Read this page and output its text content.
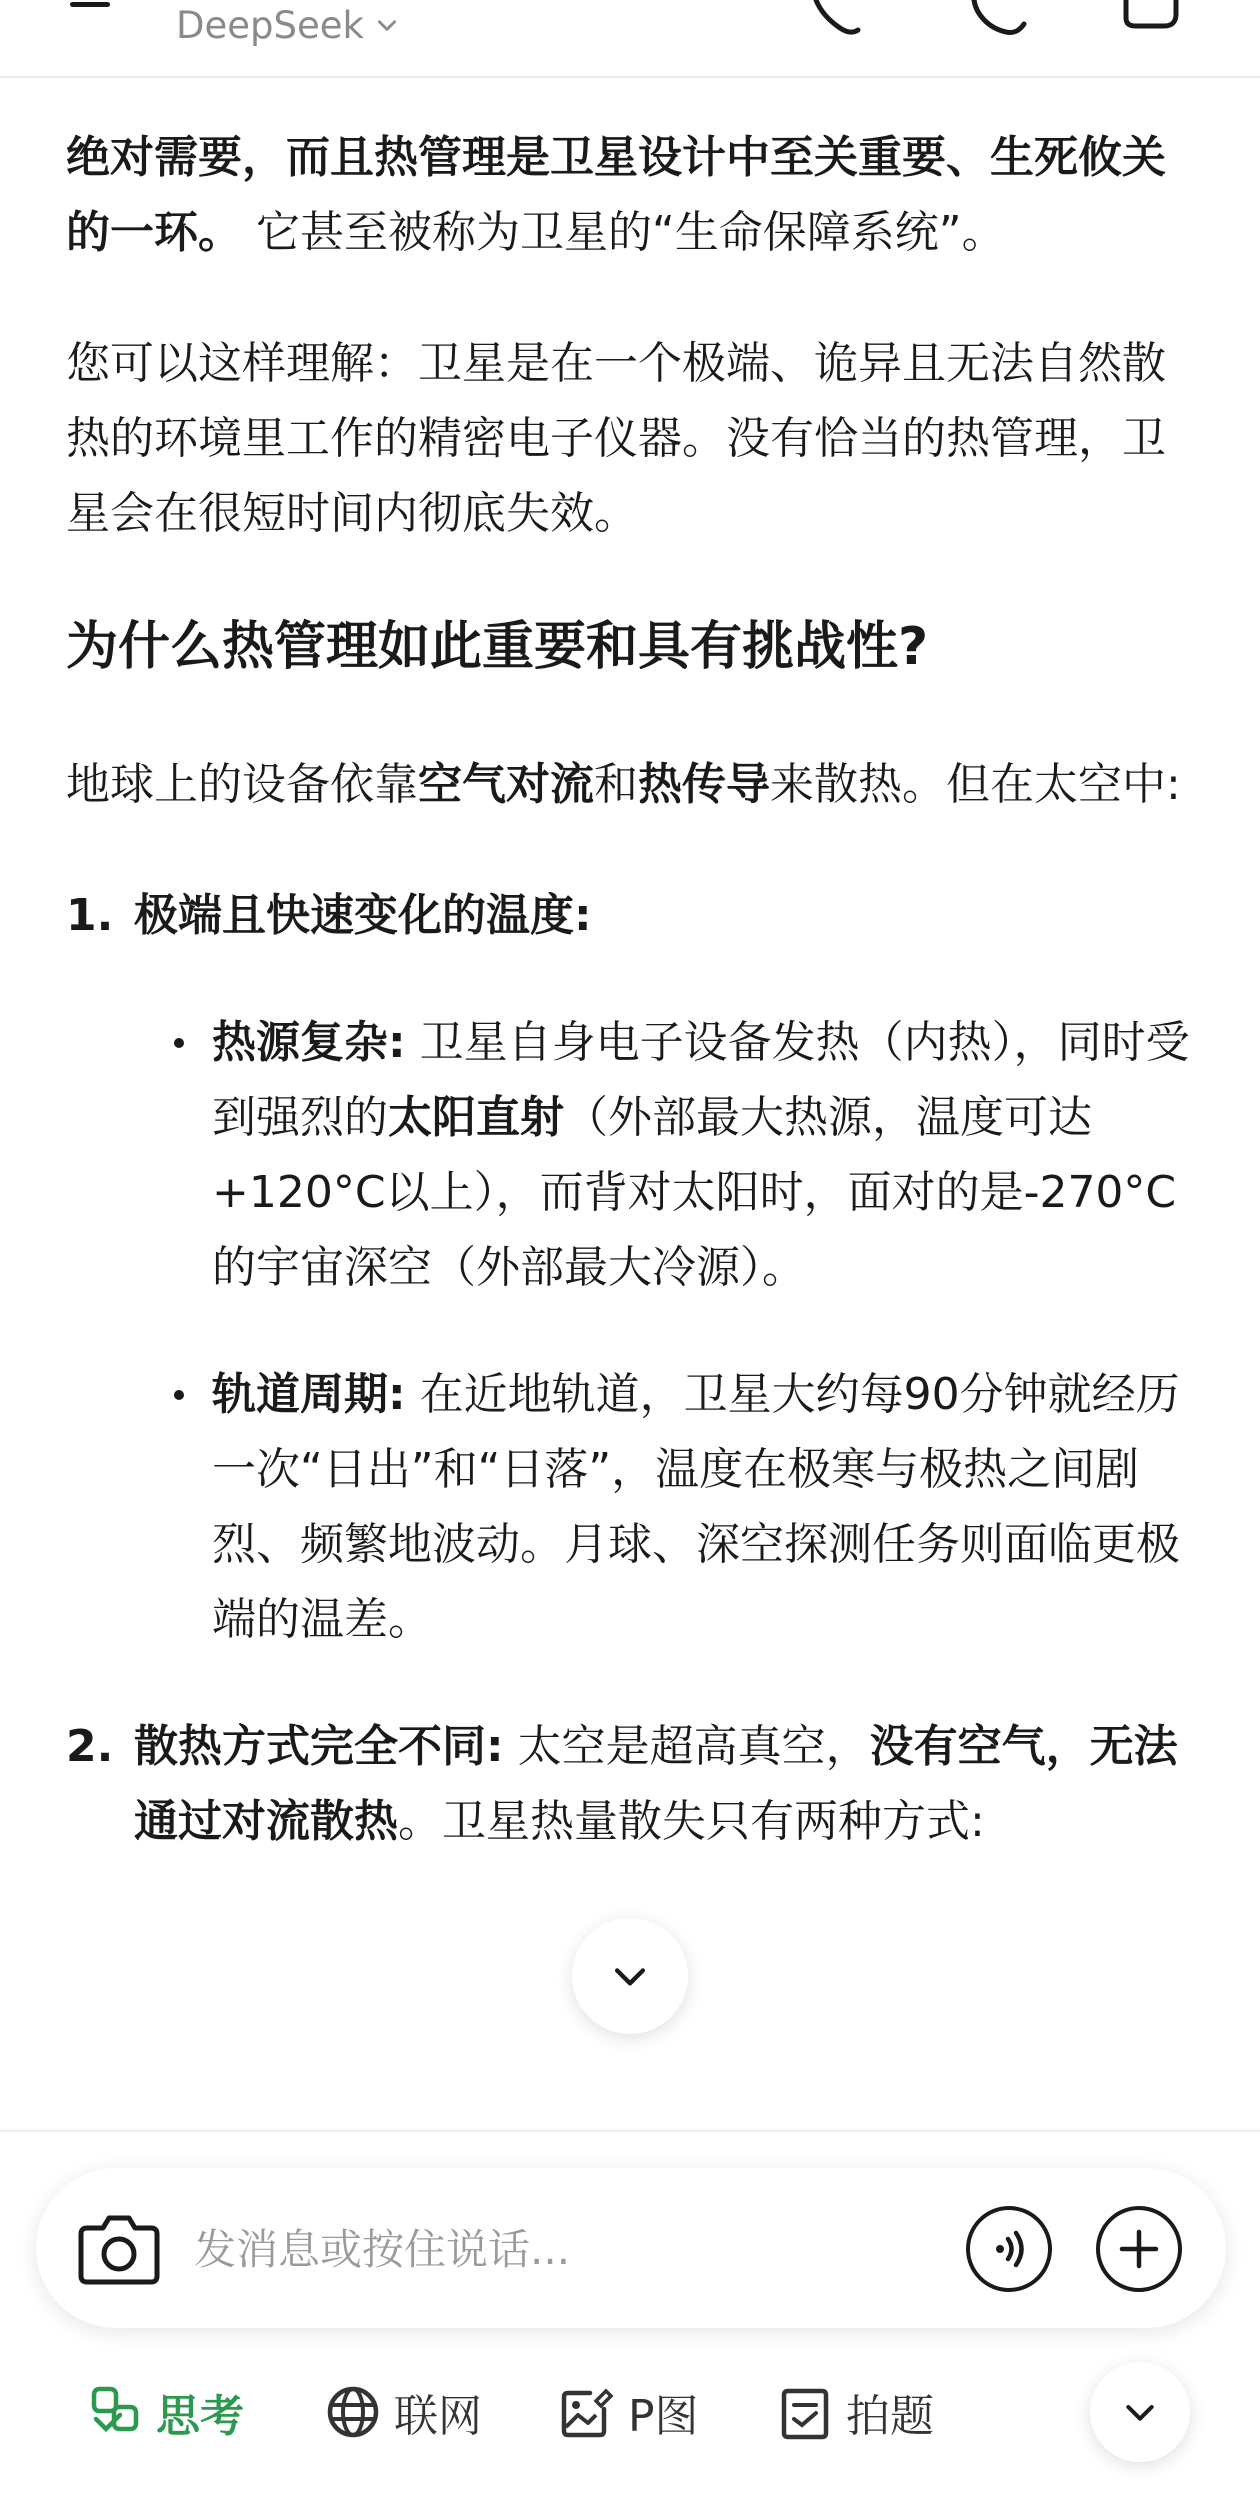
DeepSeek

绝对需要，而且热管理是卫星设计中至关重要、生死攸关的一环。 它甚至被称为卫星的“生命保障系统”。

您可以这样理解：卫星是在一个极端、诡异且无法自然散热的环境里工作的精密电子仪器。没有恰当的热管理，卫星会在很短时间内彻底失效。

为什么热管理如此重要和具有挑战性?

地球上的设备依靠空气对流和热传导来散热。但在太空中:

1. 极端且快速变化的温度:

热源复杂: 卫星自身电子设备发热（内热），同时受到强烈的太阳直射（外部最大热源，温度可达+120°C以上），而背对太阳时，面对的是-270°C的宇宙深空（外部最大冷源）。
轨道周期: 在近地轨道，卫星大约每90分钟就经历一次“日出”和“日落”，温度在极寒与极热之间剧烈、频繁地波动。月球、深空探测任务则面临更极端的温差。
2. 散热方式完全不同: 太空是超高真空，没有空气，无法通过对流散热。卫星热量散失只有两种方式:

发消息或按住说话...
思考	联网	P图	拍题
